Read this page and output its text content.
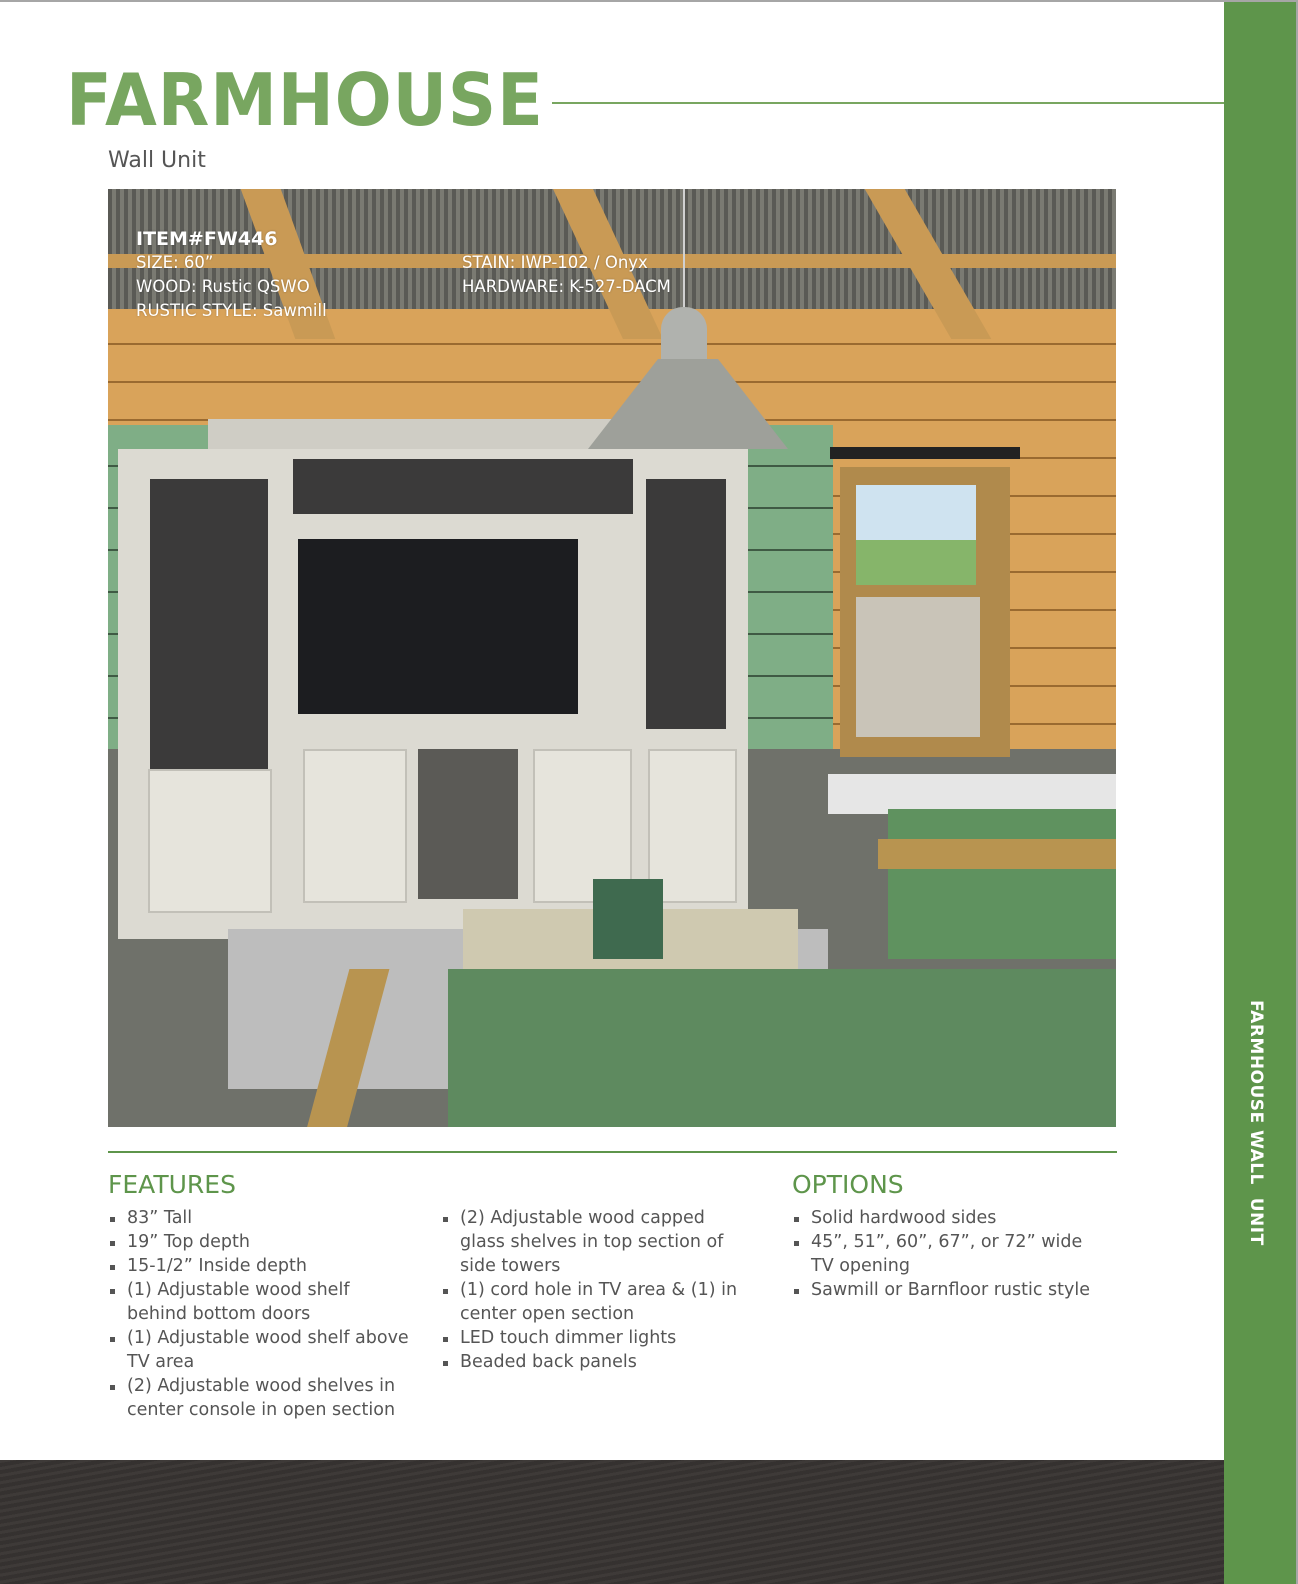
FARMHOUSE
Wall Unit
ITEM#FW446
SIZE: 60”
WOOD: Rustic QSWO
RUSTIC STYLE: Sawmill
STAIN: IWP-102 / Onyx
HARDWARE: K-527-DACM
FEATURES
83” Tall
19” Top depth
15-1/2” Inside depth
(1) Adjustable wood shelf behind bottom doors
(1) Adjustable wood shelf above TV area
(2) Adjustable wood shelves in center console in open section
(2) Adjustable wood capped glass shelves in top section of side towers
(1) cord hole in TV area & (1) in center open section
LED touch dimmer lights
Beaded back panels
OPTIONS
Solid hardwood sides
45”, 51”, 60”, 67”, or 72” wide TV opening
Sawmill or Barnfloor rustic style
FARMHOUSE WALL  UNIT
